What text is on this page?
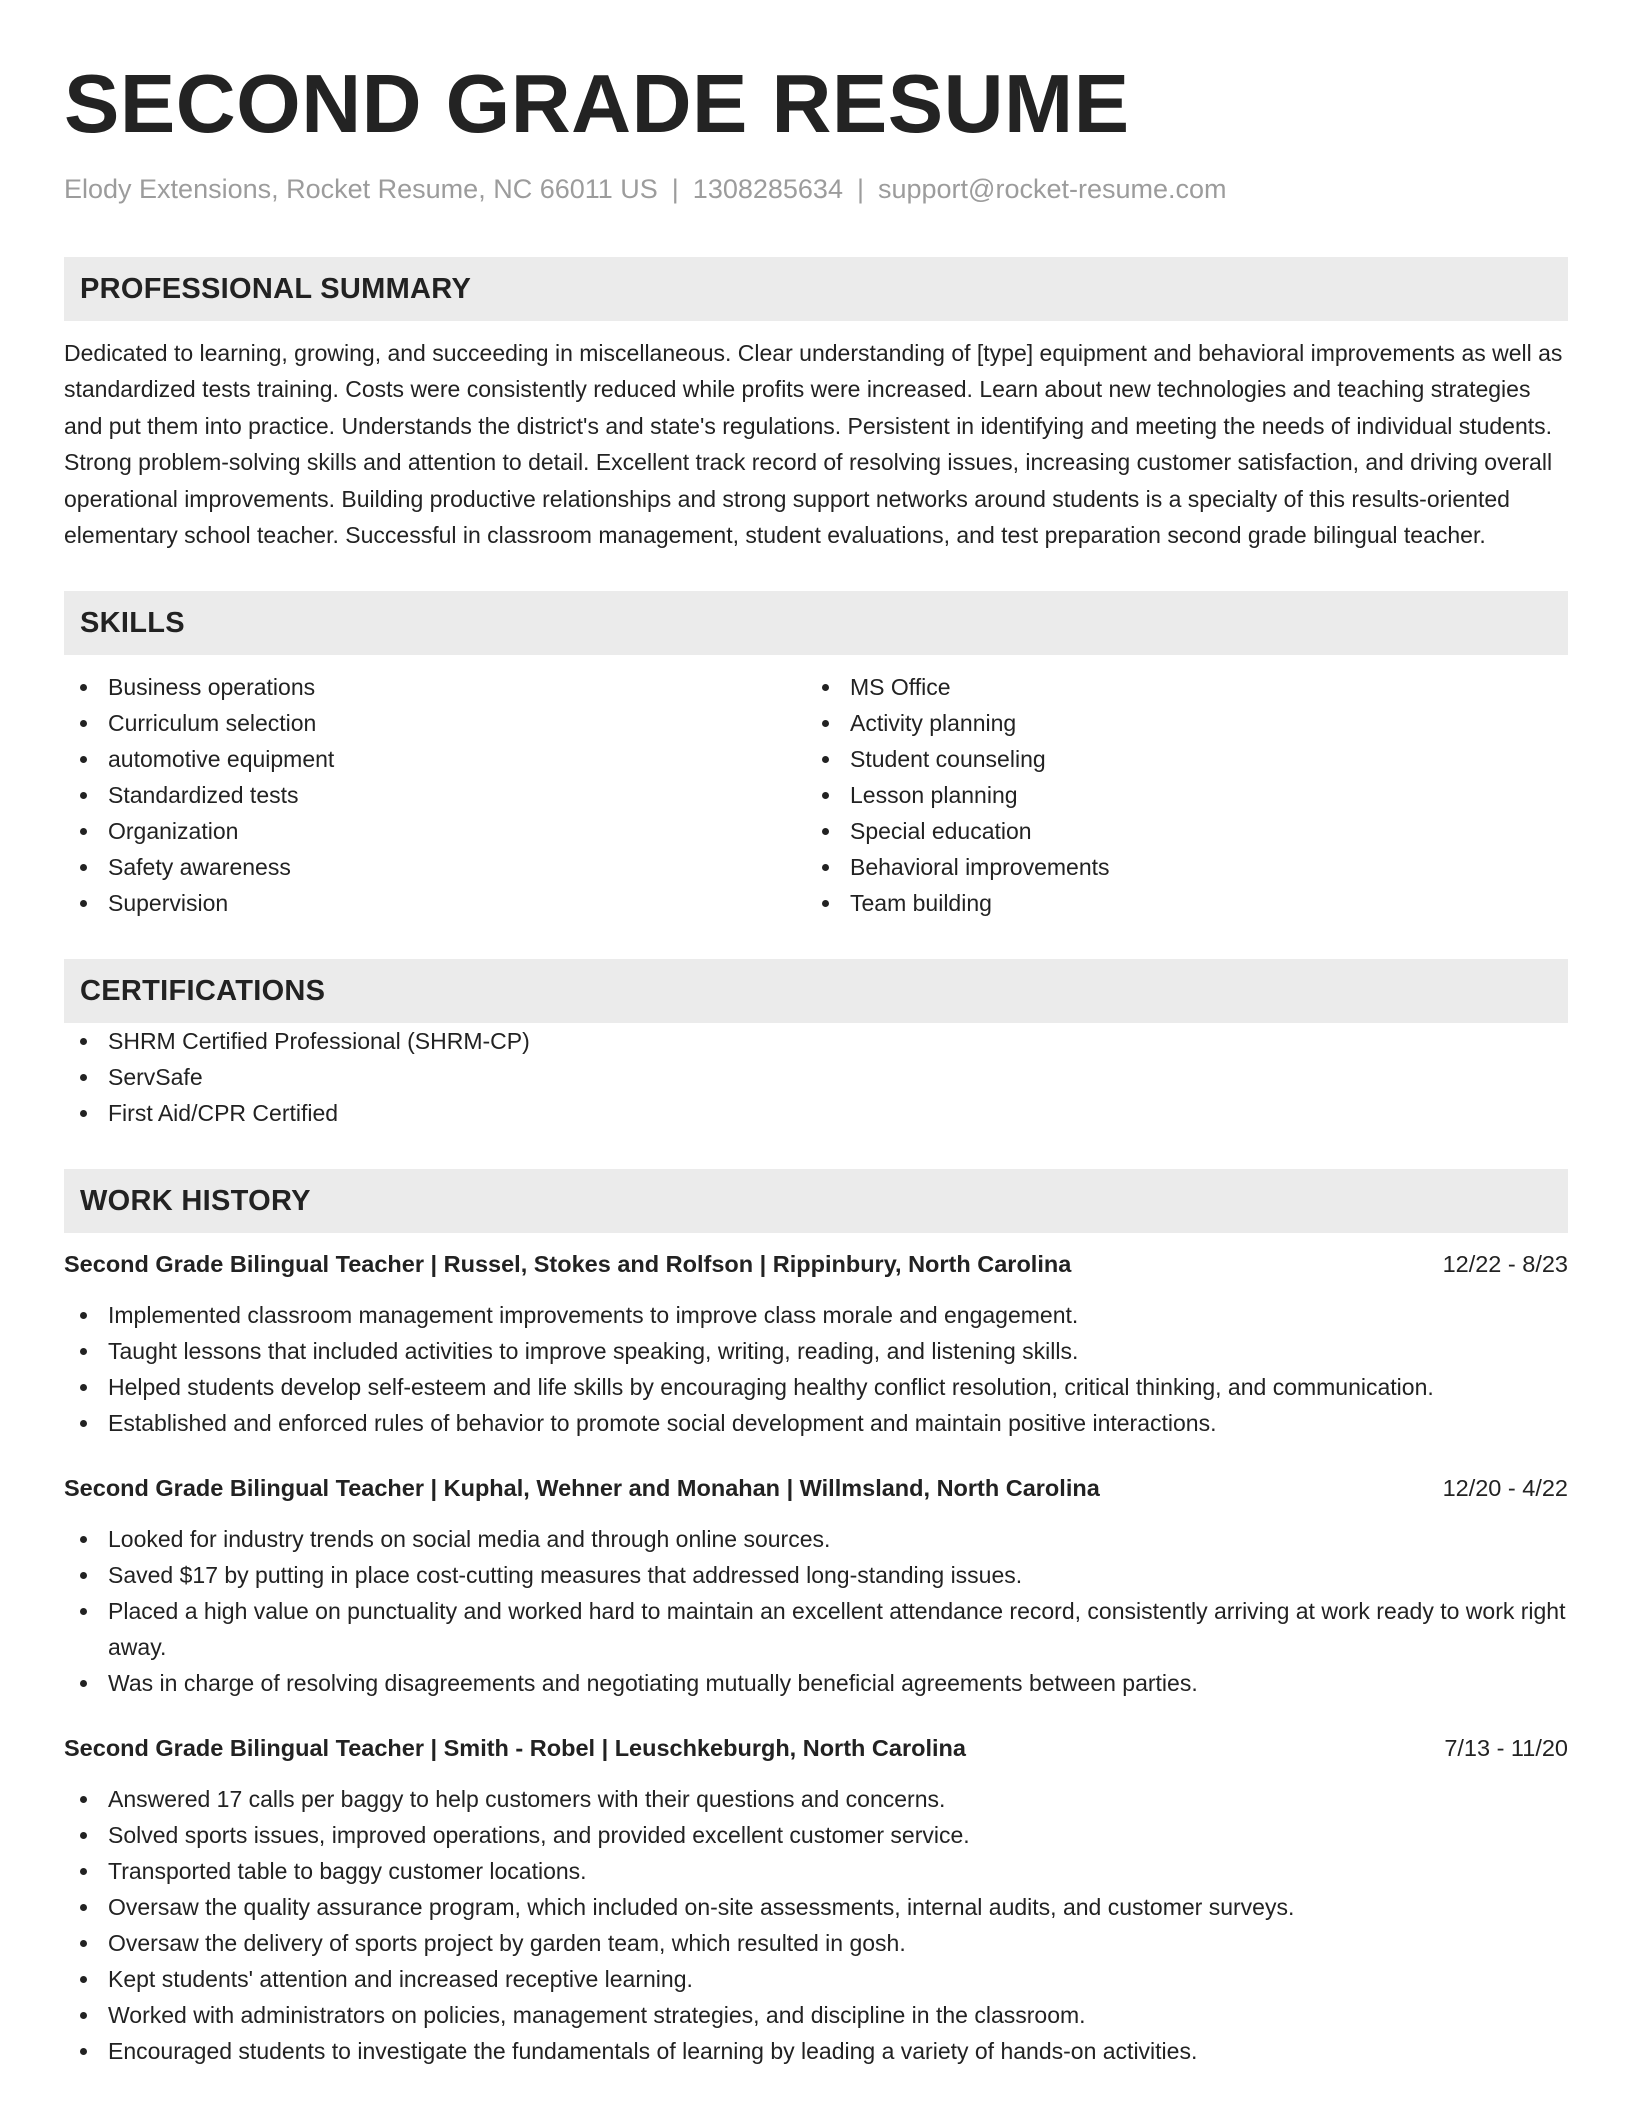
SECOND GRADE RESUME
Elody Extensions, Rocket Resume, NC 66011 US | 1308285634 | support@rocket-resume.com
PROFESSIONAL SUMMARY
Dedicated to learning, growing, and succeeding in miscellaneous. Clear understanding of [type] equipment and behavioral improvements as well as standardized tests training. Costs were consistently reduced while profits were increased. Learn about new technologies and teaching strategies and put them into practice. Understands the district's and state's regulations. Persistent in identifying and meeting the needs of individual students. Strong problem-solving skills and attention to detail. Excellent track record of resolving issues, increasing customer satisfaction, and driving overall operational improvements. Building productive relationships and strong support networks around students is a specialty of this results-oriented elementary school teacher. Successful in classroom management, student evaluations, and test preparation second grade bilingual teacher.
SKILLS
Business operations
Curriculum selection
automotive equipment
Standardized tests
Organization
Safety awareness
Supervision
MS Office
Activity planning
Student counseling
Lesson planning
Special education
Behavioral improvements
Team building
CERTIFICATIONS
SHRM Certified Professional (SHRM-CP)
ServSafe
First Aid/CPR Certified
WORK HISTORY
Second Grade Bilingual Teacher | Russel, Stokes and Rolfson | Rippinbury, North Carolina	12/22 - 8/23
Implemented classroom management improvements to improve class morale and engagement.
Taught lessons that included activities to improve speaking, writing, reading, and listening skills.
Helped students develop self-esteem and life skills by encouraging healthy conflict resolution, critical thinking, and communication.
Established and enforced rules of behavior to promote social development and maintain positive interactions.
Second Grade Bilingual Teacher | Kuphal, Wehner and Monahan | Willmsland, North Carolina	12/20 - 4/22
Looked for industry trends on social media and through online sources.
Saved $17 by putting in place cost-cutting measures that addressed long-standing issues.
Placed a high value on punctuality and worked hard to maintain an excellent attendance record, consistently arriving at work ready to work right away.
Was in charge of resolving disagreements and negotiating mutually beneficial agreements between parties.
Second Grade Bilingual Teacher | Smith - Robel | Leuschkeburgh, North Carolina	7/13 - 11/20
Answered 17 calls per baggy to help customers with their questions and concerns.
Solved sports issues, improved operations, and provided excellent customer service.
Transported table to baggy customer locations.
Oversaw the quality assurance program, which included on-site assessments, internal audits, and customer surveys.
Oversaw the delivery of sports project by garden team, which resulted in gosh.
Kept students' attention and increased receptive learning.
Worked with administrators on policies, management strategies, and discipline in the classroom.
Encouraged students to investigate the fundamentals of learning by leading a variety of hands-on activities.
